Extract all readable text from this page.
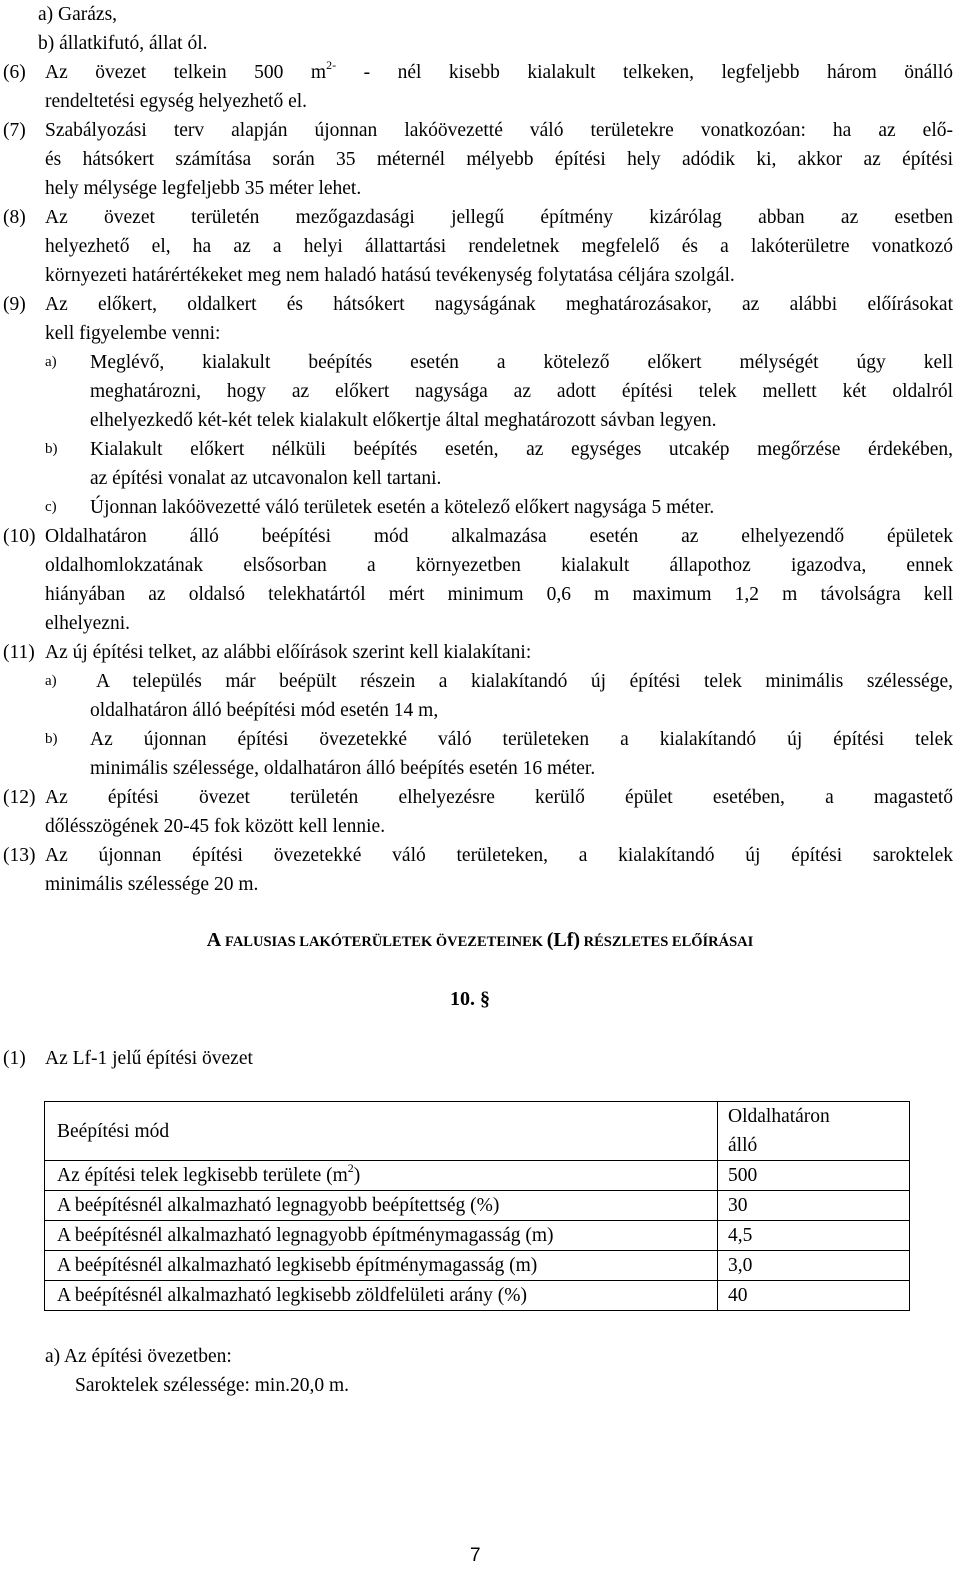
a) Garázs,
b) állatkifutó, állat ól.
(6) Az övezet telkein 500 $m^{2-}$ - nél kisebb kialakult telkeken, legfeljebb három önálló
rendeltetési egység helyezhető el.
(7) Szabályozási terv alapján újonnan lakóövezetté váló területekre vonatkozóan: ha az elő-
és hátsókert számítása során 35 méternél mélyebb építési hely adódik ki, akkor az építési
hely mélysége legfeljebb 35 méter lehet.
(8) Az övezet területén mezőgazdasági jellegű építmény kizárólag abban az esetben
helyezhető el, ha az a helyi állattartási rendeletnek megfelelő és a lakóterületre vonatkozó
környezeti határértékeket meg nem haladó hatású tevékenység folytatása céljára szolgál.
(9) Az előkert, oldalkert és hátsókert nagyságának meghatározásakor, az alábbi előírásokat
kell figyelembe venni:
a) Meglévő, kialakult beépítés esetén a kötelező előkert mélységét úgy kell
meghatározni, hogy az előkert nagysága az adott építési telek mellett két oldalról
elhelyezkedő két-két telek kialakult előkertje által meghatározott sávban legyen.
b) Kialakult előkert nélküli beépítés esetén, az egységes utcakép megőrzése érdekében,
az építési vonalat az utcavonalon kell tartani.
c) Újonnan lakóövezetté váló területek esetén a kötelező előkert nagysága 5 méter.
(10) Oldalhatáron álló beépítési mód alkalmazása esetén az elhelyezendő épületek
oldalhomlokzatának elsősorban a környezetben kialakult állapothoz igazodva, ennek
hiányában az oldalsó telekhatártól mért minimum 0,6 m maximum 1,2 m távolságra kell
elhelyezni.
(11) Az új építési telket, az alábbi előírások szerint kell kialakítani:
a) A település már beépült részein a kialakítandó új építési telek minimális szélessége,
oldalhatáron álló beépítési mód esetén 14 m,
b) Az újonnan építési övezetekké váló területeken a kialakítandó új építési telek
minimális szélessége, oldalhatáron álló beépítés esetén 16 méter.
(12) Az építési övezet területén elhelyezésre kerülő épület esetében, a magastető
dőlésszögének 20-45 fok között kell lennie.
(13) Az újonnan építési övezetekké váló területeken, a kialakítandó új építési saroktelek
minimális szélessége 20 m.
A FALUSIAS LAKÓTERÜLETEK ÖVEZETEINEK (Lf) RÉSZLETES ELŐÍRÁSAI
10. §
(1) Az Lf-1 jelű építési övezet
Beépítési mód	Oldalhatáron
álló

Az építési telek legkisebb területe $(m^2)$	500
A beépítésnél alkalmazható legnagyobb beépítettség (%)	30
A beépítésnél alkalmazható legnagyobb építménymagasság (m)	4,5
A beépítésnél alkalmazható legkisebb építménymagasság (m)	3,0
A beépítésnél alkalmazható legkisebb zöldfelületi arány (%)	40
a) Az építési övezetben:
Saroktelek szélessége: min.20,0 m.
7
